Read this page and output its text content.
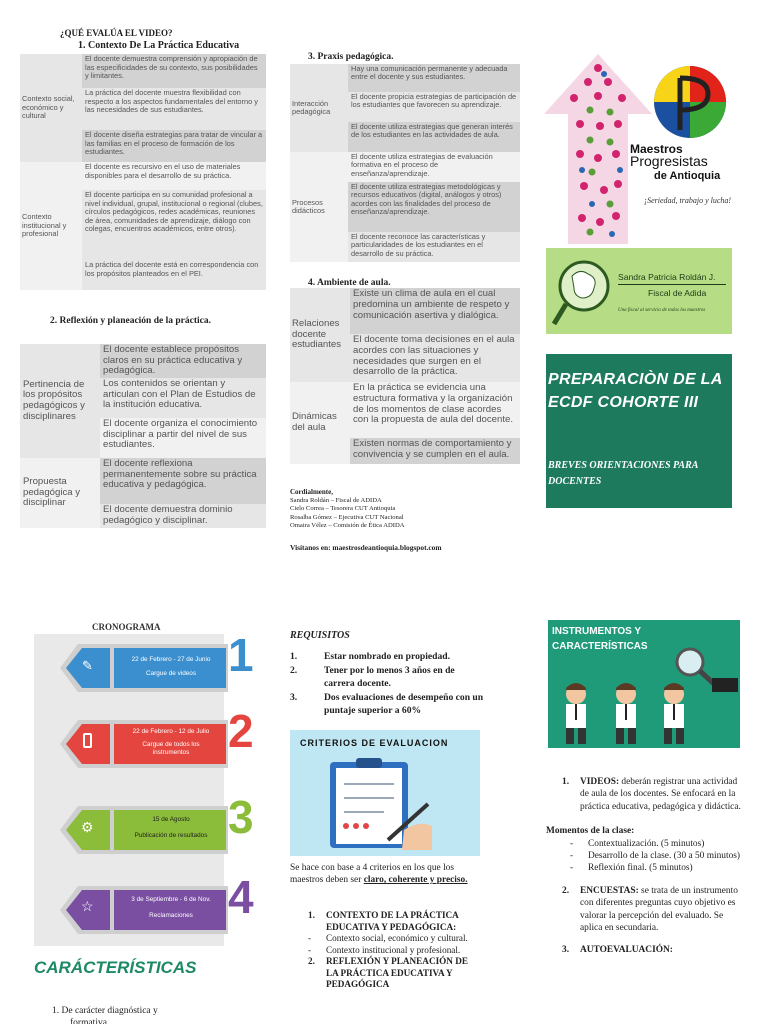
¿QUÉ EVALÚA EL VIDEO?
1. Contexto De La Práctica Educativa
Contexto social, económico y cultural	El docente demuestra comprensión y apropiación de las especificidades de su contexto, sus posibilidades y limitantes.
	La práctica del docente muestra flexibilidad con respecto a los aspectos fundamentales del entorno y las necesidades de sus estudiantes.
	El docente diseña estrategias para tratar de vincular a las familias en el proceso de formación de los estudiantes.
Contexto institucional y profesional	El docente es recursivo en el uso de materiales disponibles para el desarrollo de su práctica.
	El docente participa en su comunidad profesional a nivel individual, grupal, institucional o regional (clubes, círculos pedagógicos, redes académicas, reuniones de área, comunidades de aprendizaje, diálogo con colegas, encuentros académicos, entre otros).
	La práctica del docente está en correspondencia con los propósitos planteados en el PEI.
2. Reflexión y planeación de la práctica.
Pertinencia de los propósitos pedagógicos y disciplinares	El docente establece propósitos claros en su práctica educativa y pedagógica.
	Los contenidos se orientan y articulan con el Plan de Estudios de la institución educativa.
	El docente organiza el conocimiento disciplinar a partir del nivel de sus estudiantes.
Propuesta pedagógica y disciplinar	El docente reflexiona permanentemente sobre su práctica educativa y pedagógica.
	El docente demuestra dominio pedagógico y disciplinar.
3. Praxis pedagógica.
Interacción pedagógica	Hay una comunicación permanente y adecuada entre el docente y sus estudiantes.
	El docente propicia estrategias de participación de los estudiantes que favorecen su aprendizaje.
	El docente utiliza estrategias que generan interés de los estudiantes en las actividades de aula.
Procesos didácticos	El docente utiliza estrategias de evaluación formativa en el proceso de enseñanza/aprendizaje.
	El docente utiliza estrategias metodológicas y recursos educativos (digital, análogos y otros) acordes con las finalidades del proceso de enseñanza/aprendizaje.
	El docente reconoce las características y particularidades de los estudiantes en el desarrollo de su práctica.
4. Ambiente de aula.
Relaciones docente estudiantes	Existe un clima de aula en el cual predomina un ambiente de respeto y comunicación asertiva y dialógica.
	El docente toma decisiones en el aula acordes con las situaciones y necesidades que surgen en el desarrollo de la práctica.
Dinámicas del aula	En la práctica se evidencia una estructura formativa y la organización de los momentos de clase acordes con la propuesta de aula del docente.
	Existen normas de comportamiento y convivencia y se cumplen en el aula.
Cordialmente,
Sandra Roldán – Fiscal de ADIDA
Cielo Correa – Tesorera CUT Antioquia
Rosalba Gómez – Ejecutiva CUT Nacional
Omaira Vélez – Comisión de Ética ADIDA
Visítanos en: maestrosdeantioquia.blogspot.com
Maestros
Progresistas
de Antioquia
¡Seriedad, trabajo y lucha!
Sandra Patricia Roldán J.
Fiscal de Adida
Una fiscal al servicio de todos los maestros
PREPARACIÒN DE LA ECDF COHORTE III
BREVES ORIENTACIONES PARA DOCENTES
CRONOGRAMA
✎	22 de Febrero - 27 de Junio
Cargue de videos 1
22 de Febrero - 12 de Julio
Cargue de todos los instrumentos 2
⚙	15 de Agosto
Publicación de resultados 3
☆	3 de Septiembre - 6 de Nov.
Reclamaciones 4
CARÁCTERÍSTICAS
1. De carácter diagnóstica y
formativa
REQUISITOS
1.	Estar nombrado en propiedad.
2.	Tener por lo menos 3 años en de carrera docente.
3.	Dos evaluaciones de desempeño con un puntaje superior a 60%
CRITERIOS DE EVALUACION
Se hace con base a 4 criterios en los que los maestros deben ser claro, coherente y preciso.
1. CONTEXTO DE LA PRÁCTICA EDUCATIVA Y PEDAGÓGICA:
- Contexto social, económico y cultural.
- Contexto institucional y profesional.
2. REFLEXIÓN Y PLANEACIÓN DE LA PRÁCTICA EDUCATIVA Y PEDAGÓGICA
INSTRUMENTOS Y CARACTERÍSTICAS
1.	VIDEOS: deberán registrar una actividad de aula de los docentes. Se enfocará en la práctica educativa, pedagógica y didáctica.
Momentos de la clase:
- Contextualización. (5 minutos)
- Desarrollo de la clase. (30 a 50 minutos)
- Reflexión final. (5 minutos)
2.	ENCUESTAS: se trata de un instrumento con diferentes preguntas cuyo objetivo es valorar la percepción del evaluado. Se aplica en secundaria.
3.	AUTOEVALUACIÓN:
